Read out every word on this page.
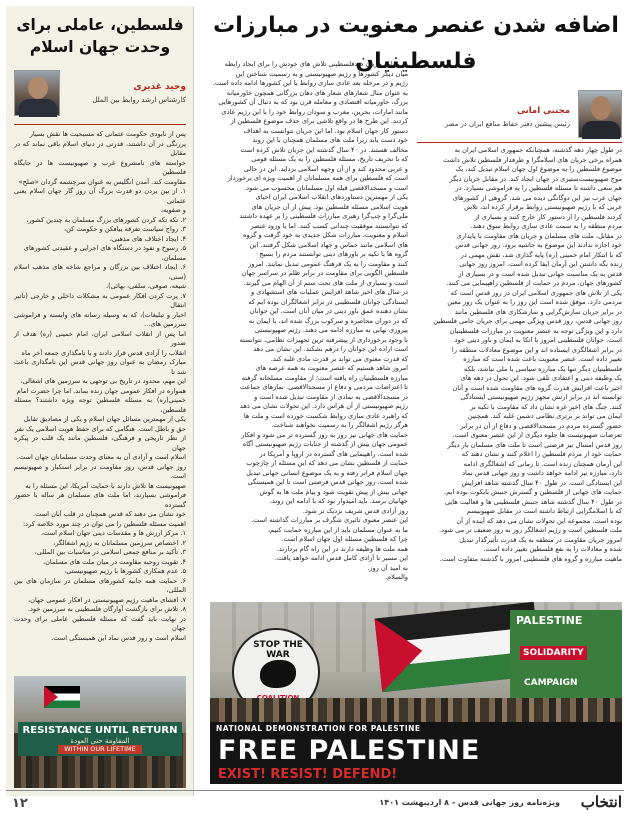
فلسطین، عاملی برای وحدت جهان اسلام
وحید غدیری
کارشناس ارشد روابط بین الملل
پس از نابودی حکومت عثمانی که مسیحیت ها نقش بسیار
پررنگی در آن داشتند، قدرتی در دنیای اسلام باقی نماند که در مقابل
خواسته های نامشروع غرب و صهیونیست ها در جایگاه فلسطین
مقاومت کند. آمدن انگلیس به عنوان سرچشمه گردان «صلح»
۱. از بین بردن دو قدرت بزرگ آن روز گار جهان اسلام یعنی عثمانی
و صفویه،
۲. تکه تکه کردن کشورهای بزرگ مسلمان به چندین کشور،
۳. رواج سیاست تفرقه بیافکن و حکومت کن،
۴. ایجاد اختلاف های مذهبی،
۵. رسوخ و نفوذ در دستگاه های اجرایی و عقیدتی کشورهای
مسلمان،
۶. ایجاد اختلاف بین بزرگان و مراجع شاخه های مذهب اسلام (سنی،
شیعه، صوفی، سلفی، بهائی)،
۷. پرت کردن افکار عمومی به مشکلات داخلی و خارجی (تاثیر انتقال
اخبار و تبلیغات)، که به وسیله رسانه های وابسته و فراموشی سرزمین های...
اما پس از انقلاب اسلامی ایران، امام خمینی (ره) هدف از صدور
انقلاب را آزادی قدس قرار دادند و با نامگذاری جمعه آخر ماه
مبارک رمضان به عنوان روز جهانی قدس این نامگذاری باعث شد تا
این مهم، محدود در تاریخ بی توجهی به سرزمین های اشغالی،
همواره در افکار عمومی جهان زنده بماند. اما چرا حضرت امام
خمینی(ره) به مسئله فلسطین توجه ویژه داشتند؟ مسئله فلسطین،
یکی از مهمترین مسائل جهان اسلام و یکی از مصادیق تقابل
حق و باطل است. هنگامی که برای حفظ هویت اسلامی یک نفر
از نظر تاریخی و فرهنگی، فلسطین مانند یک قلب در پیکره جهان
اسلام است و آزادی آن به معنای وحدت مسلمانان جهان است.
روز جهانی قدس، روز مقاومت در برابر استکبار و صهیونیسم است.
صهیونیست ها تلاش دارند با حمایت آمریکا، این مسئله را به
فراموشی بسپارند، اما ملت های مسلمان هر ساله با حضور گسترده
خود نشان می دهند که قدس همچنان در قلب آنان است.
اهمیت مسئله فلسطین را می توان در چند مورد خلاصه کرد:
۱. مرکز ارزش ها و مقدسات دینی جهان اسلام است،
۲. اختصاص سرزمین مسلمانان به رژیم اشغالگر،
۳. تأکید بر منافع جمعی اسلامی در مناسبات بین المللی،
۴. تقویت روحیه مقاومت در میان ملت های مسلمان،
۵. عدم همکاری کشورها با رژیم صهیونیستی،
۶. حمایت همه جانبه کشورهای مسلمان در سازمان های بین المللی،
۷. افشای ماهیت رژیم صهیونیستی در افکار عمومی جهان،
۸. تلاش برای بازگشت آوارگان فلسطینی به سرزمین خود.
در نهایت باید گفت که مسئله فلسطین عاملی برای وحدت جهان
اسلام است و روز قدس نماد این همبستگی است.
RESISTANCE UNTIL RETURN
المقاومة حتى العودة
WITHIN OUR LIFETIME
اضافه شدن عنصر معنویت در مبارزات فلسطینیان
مجتبی امانی
رئیس پیشین دفتر حفاظ منافع ایران در مصر
در طول چهار دهه گذشته، همچنانکه جمهوری اسلامی ایران به
همراه برخی جریان های اسلامگرا و طرفدار فلسطین تلاش داشت
موضوع فلسطین را به موضوع اول جهان اسلام تبدیل کند، یک
موج صهیونیست‌ستیزی در جهان ایجاد کند. در مقابل جریان دیگر
هم سعی داشته تا مسئله فلسطین را به فراموشی بسپارد. در
جهان عرب نیز این دوگانگی دیده می شد. گروهی از کشورهای
عربی که با رژیم صهیونیستی روابط برقرار کرده اند، تلاش
کردند فلسطین را از دستور کار خارج کنند و بسیاری از
مردم منطقه را به سمت عادی سازی روابط سوق دهند.
در مقابل، ملت های مسلمان و جریان های مقاومت با پایداری
خود اجازه ندادند این موضوع به حاشیه برود. روز جهانی قدس
که با ابتکار امام خمینی (ره) پایه گذاری شد، نقش مهمی در
زنده نگه داشتن این آرمان ایفا کرده است. امروز روز جهانی
قدس به یک مناسبت جهانی تبدیل شده است و در بسیاری از
کشورهای جهان، مردم در حمایت از فلسطین راهپیمایی می کنند.
یکی از تلاش های جمهوری اسلامی ایران در روز قدس است که
مردمی دارد. موفق شده است این روز را به عنوان یک روز معین
در برابر جریان سازش‌گرایی و سازشکاری های فلسطین مانند
روز جهانی قدس، روز قدس ویژگی مهمی برای جریان حامی فلسطین
دارد و این ویژگی توجه به عنصر معنویت در مبارزات فلسطینیان
است. جوانان فلسطینی امروز با اتکا به ایمان و باور دینی خود
در برابر اشغالگری ایستاده اند و این موضوع معادلات منطقه را
تغییر داده است. عنصر معنویت باعث شده است که مبارزه
فلسطینیان دیگر تنها یک مبارزه سیاسی یا ملی نباشد، بلکه
یک وظیفه دینی و اعتقادی تلقی شود. این تحول در دهه های
اخیر باعث افزایش قدرت گروه های مقاومت شده است و آنان
توانسته اند در برابر ارتش مجهز رژیم صهیونیستی ایستادگی
کنند. جنگ های اخیر غزه نشان داد که مقاومت با تکیه بر
ایمان می تواند بر برتری نظامی دشمن غلبه کند. همچنین
حضور گسترده مردم در مسجدالاقصی و دفاع از آن در برابر
تعرضات صهیونیست ها جلوه دیگری از این عنصر معنوی است.
روز قدس امسال نیز فرصتی است تا ملت های مسلمان بار دیگر
حمایت خود از مردم فلسطین را اعلام کنند و نشان دهند که
این آرمان همچنان زنده است. تا زمانی که اشغالگری ادامه
دارد، مبارزه نیز ادامه خواهد داشت و روز جهانی قدس نماد
این ایستادگی است. در طول ۴۰ سال گذشته شاهد افزایش
حمایت های جهانی از فلسطین و گسترش جنبش بایکوت بوده ایم.
در طول ۴۰ سال گذشته شاهد جنبش فلسطینی ها و فعالیت هایی
که با اسلامگرایی ارتباط داشته است در مقابل صهیونیسم
بوده است. مجموعه این تحولات نشان می دهد که آینده از آن
ملت فلسطین است و رژیم اشغالگر روز به روز ضعیف تر می شود.
امروز جریان مقاومت در منطقه به یک قدرت تأثیرگذار تبدیل
شده و معادلات را به نفع فلسطین تغییر داده است.
ماهیت مبارزه و گروه های فلسطینی امروز با گذشته متفاوت است.
در مقابل جریان ضدفلسطینی تلاش های خودش را برای ایجاد رابطه
میان دیگر کشورها و رژیم صهیونیستی و به رسمیت شناختن این
رژیم و در مرحله بعد عادی سازی روابط با این کشورها ادامه داده است.
به عنوان مثال شعارهای شعار های دهان بزرگانی همچون خاورمیانه
بزرگ، خاورمیانه اقتصادی و معامله قرن بود که به دنبال آن کشورهایی
مانند امارات، بحرین، مغرب و سودان روابط خود را با این رژیم عادی
کردند. این طرح ها در واقع تلاشی برای حذف موضوع فلسطین از
دستور کار جهان اسلام بود. اما این جریان نتوانست به اهداف
خود دست یابد زیرا ملت های مسلمان همچنان با این روند
مخالف هستند. در ۴۰ سال گذشته این جریان تلاش کرده است
که با تحریف تاریخ، مسئله فلسطین را به یک مسئله قومی
و عربی محدود کند و از آن وجهه اسلامی بزداید. این در حالی
است که فلسطین برای همه مسلمانان از اهمیت ویژه ای برخوردار
است و مسجدالاقصی قبله اول مسلمانان محسوب می شود.
یکی از مهمترین دستاوردهای انقلاب اسلامی ایران احیای
هویت اسلامی مسئله فلسطین بود. پیش از آن جریان های
ملی‌گرا و چپ‌گرا رهبری مبارزات فلسطینی را بر عهده داشتند
که نتوانستند موفقیت چندانی کسب کنند. اما با ورود عنصر
اسلام و معنویت، مبارزات شکل جدیدی به خود گرفت و گروه
های اسلامی مانند حماس و جهاد اسلامی شکل گرفتند. این
گروه ها با تکیه بر باورهای دینی توانستند مردم را بسیج
کنند و مقاومت را به یک فرهنگ عمومی تبدیل نمایند. امروز
فلسطین الگویی برای مقاومت در برابر ظلم در سراسر جهان
است و بسیاری از ملت های تحت ستم از آن الهام می گیرند.
در سال های اخیر شاهد افزایش عملیات های استشهادی و
ایستادگی جوانان فلسطینی در برابر اشغالگران بوده ایم که
نشان دهنده عمق باور دینی در میان آنان است. این جوانان
که در دوران محاصره و سرکوب بزرگ شده اند، با ایمان به
پیروزی نهایی به مبارزه ادامه می دهند. رژیم صهیونیستی
با وجود برخورداری از پیشرفته ترین تجهیزات نظامی، نتوانسته
است اراده این جوانان را درهم بشکند. این نشان می دهد
که قدرت معنوی می تواند بر قدرت مادی غلبه کند.
امروز شاهد هستیم که عنصر معنویت به همه عرصه های
مبارزه فلسطینیان راه یافته است؛ از مقاومت مسلحانه گرفته
تا اعتراضات مردمی و دفاع از مسجدالاقصی. نمازهای جماعت
در مسجدالاقصی به نمادی از مقاومت تبدیل شده است و
رژیم صهیونیستی از آن هراس دارد. این تحولات نشان می دهد
که راهبرد عادی سازی روابط شکست خورده است و ملت ها
هرگز رژیم اشغالگر را به رسمیت نخواهند شناخت.
حمایت های جهانی نیز روز به روز گسترده تر می شود و افکار
عمومی جهان بیش از گذشته از جنایات رژیم صهیونیستی آگاه
شده است. راهپیمایی های گسترده در اروپا و آمریکا در
حمایت از فلسطین نشان می دهد که این مسئله از چارچوب
جهان اسلام فراتر رفته و به یک موضوع انسانی جهانی تبدیل
شده است. روز جهانی قدس فرصتی است تا این همبستگی
جهانی بیش از پیش تقویت شود و پیام ملت ها به گوش
جهانیان برسد. باید امیدوار بود که با ادامه این روند،
روز آزادی قدس شریف نزدیک تر شود.
این عنصر معنوی تاثیری شگرف بر مبارزات گذاشته است.
ما به عنوان مسلمان باید از این مبارزه حمایت کنیم،
چرا که فلسطین مسئله اول جهان اسلام است.
همه ملت ها وظیفه دارند در این راه گام بردارند.
این مسیر تا آزادی کامل قدس ادامه خواهد یافت.
به امید آن روز.
والسلام.
PALESTINE
SOLIDARITY
CAMPAIGN
STOP THE WAR
NATIONAL DEMONSTRATION FOR PALESTINE
FREE PALESTINE
EXIST! RESIST! DEFEND!
۱۲	ویژه‌نامه روز جهانی قدس - ۸ اردیبهشت ۱۴۰۱	انتخاب
